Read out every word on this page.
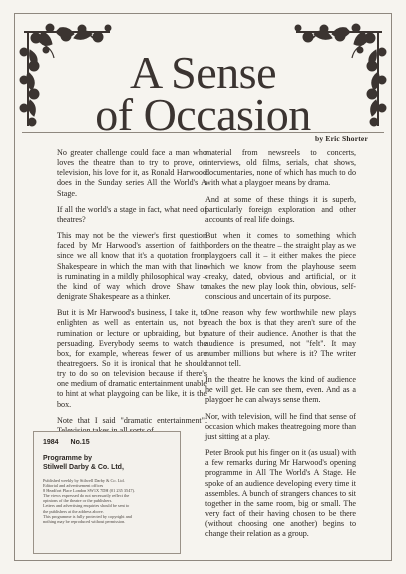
A Sense
of Occasion by Eric Shorter

No greater challenge could face a man who loves the theatre than to try to prove, on television, his love for it, as Ronald Harwood does in the Sunday series All the World's A Stage.

If all the world's a stage in fact, what need of theatres?

This may not be the viewer's first question faced by Mr Harwood's assertion of faith, since we all know that it's a quotation from Shakespeare in which the man with that line is ruminating in a mildly philosophical way – the kind of way which drove Shaw to denigrate Shakespeare as a thinker.

But it is Mr Harwood's business, I take it, to enlighten as well as entertain us, not by rumination or lecture or upbraiding, but by persuading. Everybody seems to watch the box, for example, whereas fewer of us are theatregoers. So it is ironical that he should try to do so on television because if there's one medium of dramatic entertainment unable to hint at what playgoing can be like, it is the box.

Note that I said "dramatic entertainment".

material from newsreels to concerts, interviews, old films, serials, chat shows, documentaries, none of which has much to do with what a playgoer means by drama.

And at some of these things it is superb, particularly foreign exploration and other accounts of real life doings.

But when it comes to something which borders on the theatre – the straight play as we playgoers call it – it either makes the piece which we know from the playhouse seem creaky, dated, obvious and artificial, or it makes the new play look thin, obvious, self-conscious and uncertain of its purpose.

One reason why few worthwhile new plays reach the box is that they aren't sure of the nature of their audience. Another is that the audience is presumed, not "felt". It may number millions but where is it? The writer cannot tell.

In the theatre he knows the kind of audience he will get. He can see them, even. And as a playgoer he can always sense them.

Nor, with television, will he find that sense of occasion which makes theatregoing more than just sitting at a play.

Peter Brook put his finger on it (as usual) with a few remarks during Mr Harwood's opening programme in All The World's A Stage. He spoke of an audience developing every time it assembles. A bunch of strangers chances to sit together in the same room, big or small. The very fact of their having chosen to be there (without choosing one another) begins to change their relation as a group.

1984 No.15
Programme by
Stilwell Darby & Co. Ltd,
Published weekly by Stilwell Darby & Co. Ltd.
Editorial and advertisement offices
8 Headfort Place London SW1X 7DH (01 235 3547).
The views expressed do not necessarily reflect the
opinions of the theatre or the publishers.
Letters and advertising enquiries should be sent to
the publishers at the address above.
This programme is fully protected by copyright and
nothing may be reproduced without permission.
